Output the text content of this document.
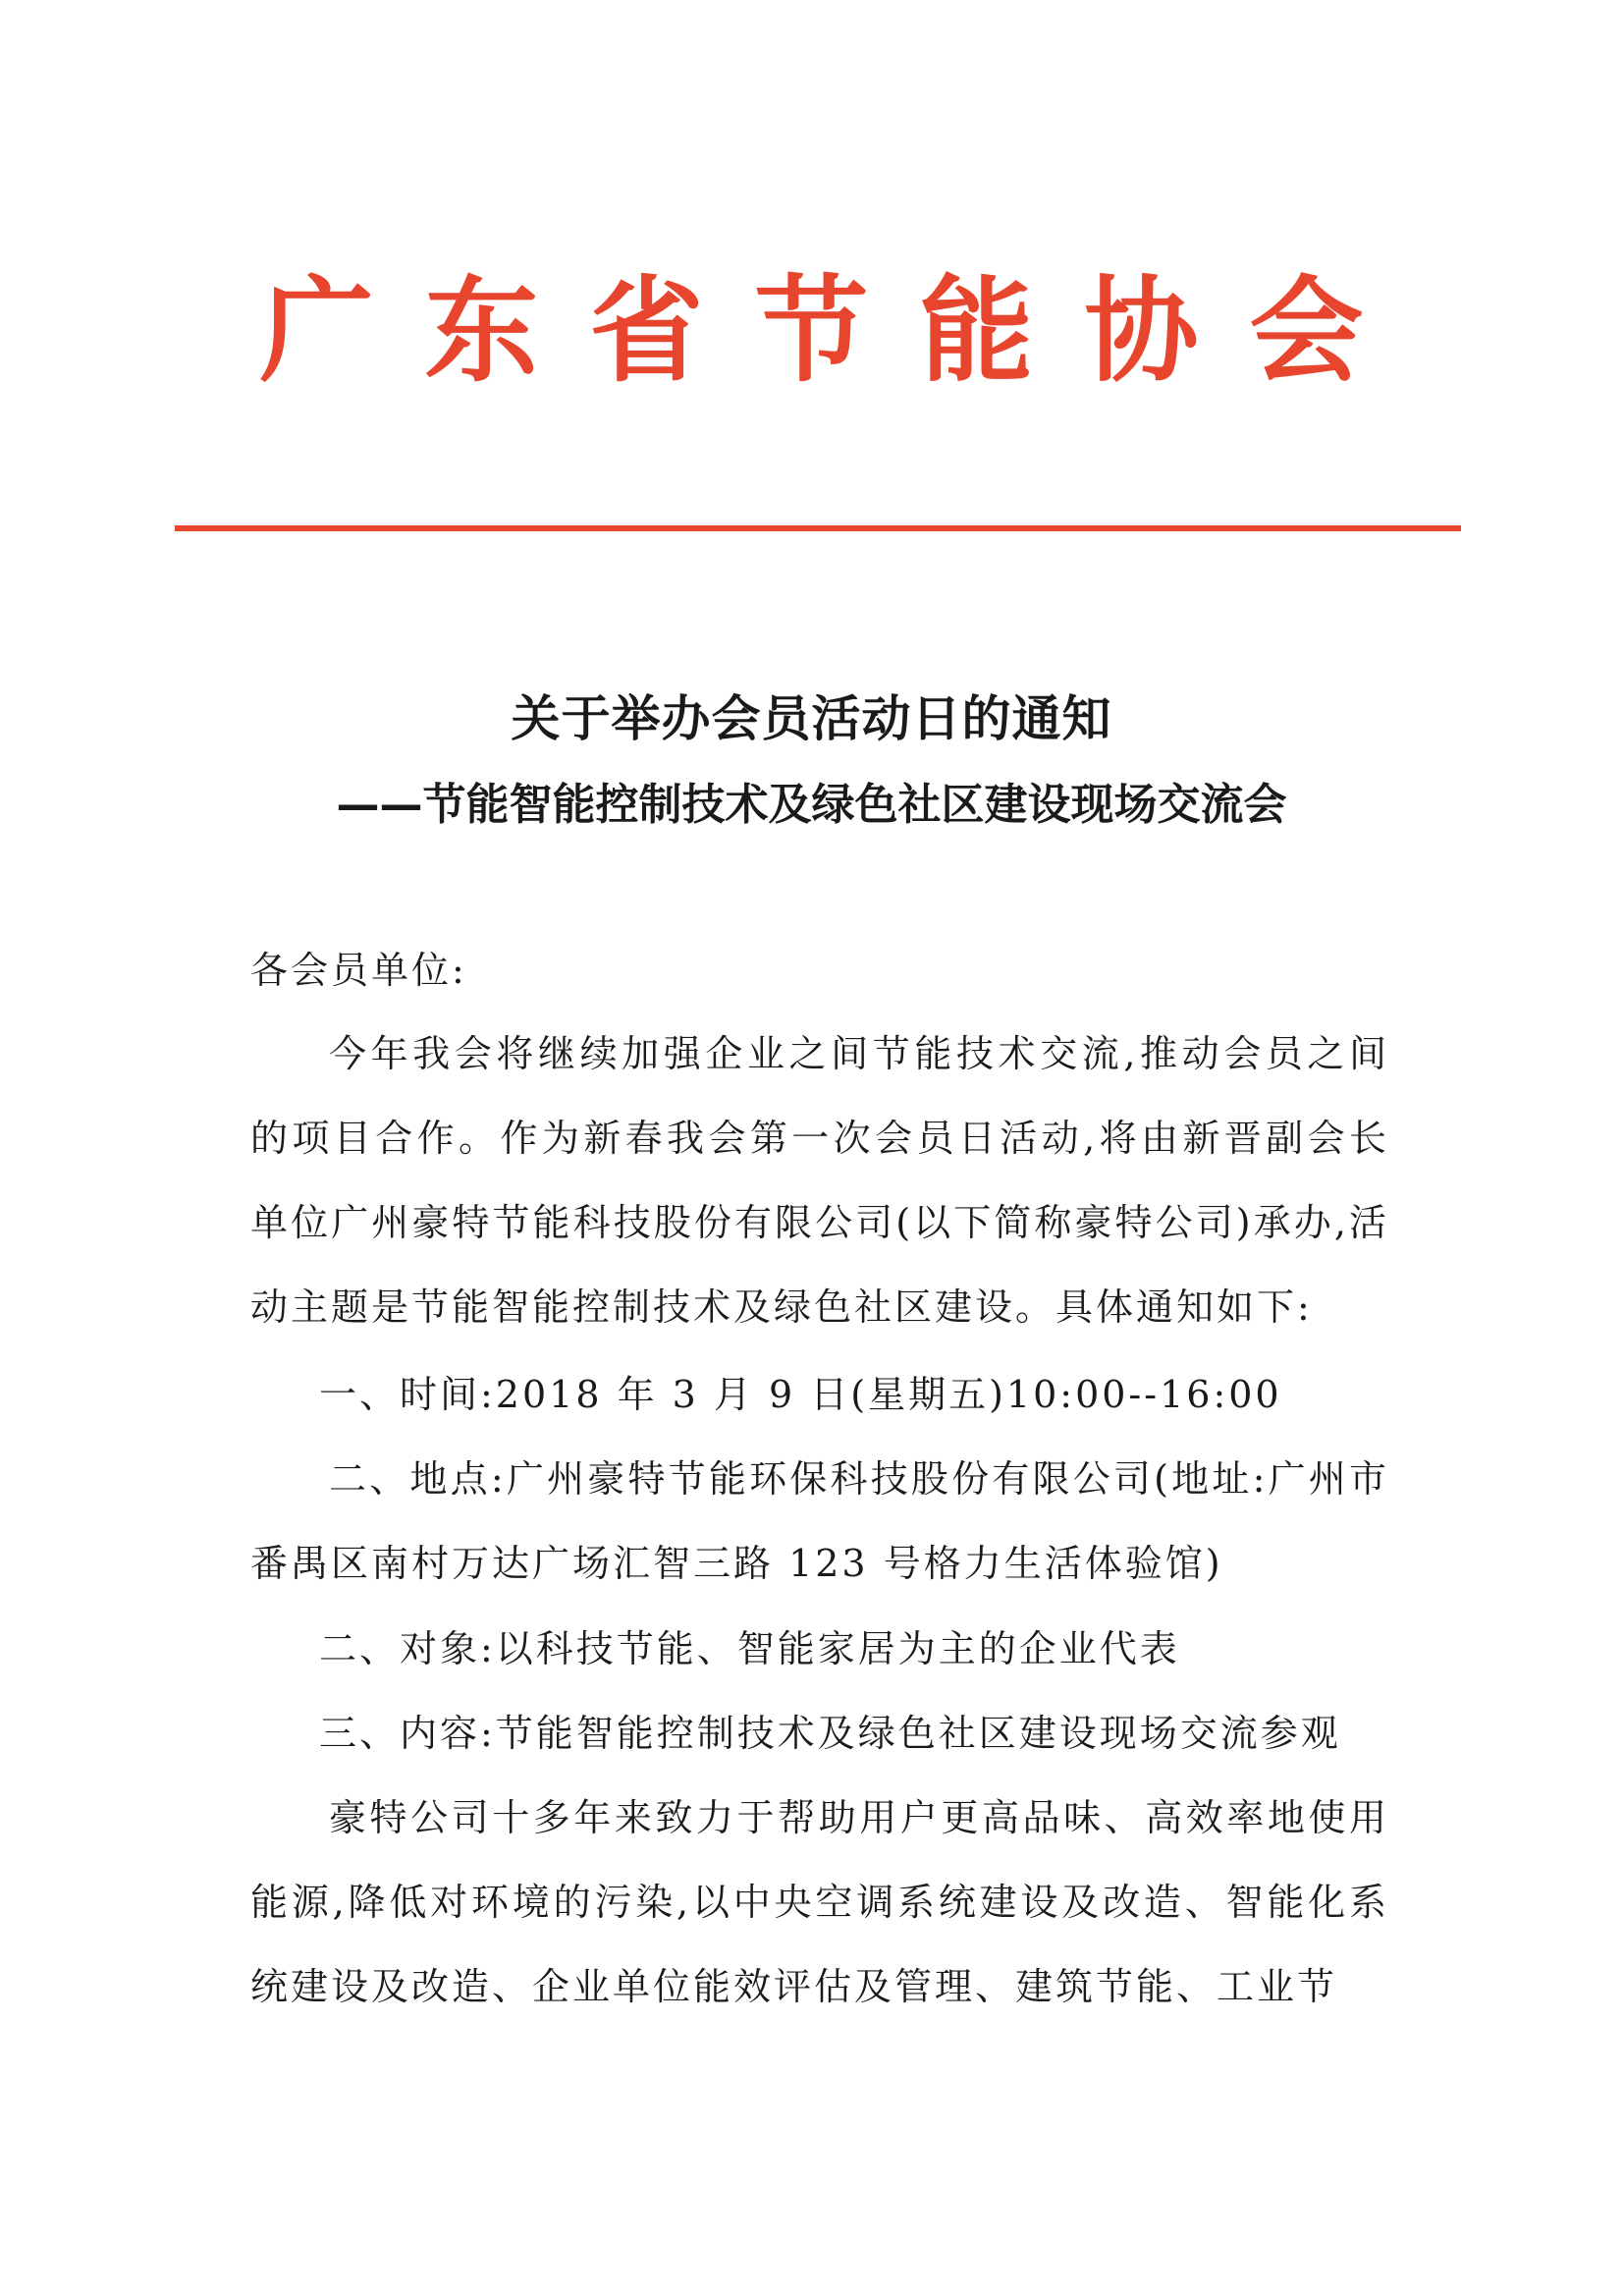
广东省节能协会
关于举办会员活动日的通知
——节能智能控制技术及绿色社区建设现场交流会
各会员单位:
今年我会将继续加强企业之间节能技术交流,推动会员之间的项目合作。作为新春我会第一次会员日活动,将由新晋副会长单位广州豪特节能科技股份有限公司(以下简称豪特公司)承办,活动主题是节能智能控制技术及绿色社区建设。具体通知如下:
一、时间:2018 年 3 月 9 日(星期五)10:00--16:00
二、地点:广州豪特节能环保科技股份有限公司(地址:广州市番禺区南村万达广场汇智三路 123 号格力生活体验馆)
二、对象:以科技节能、智能家居为主的企业代表
三、内容:节能智能控制技术及绿色社区建设现场交流参观
豪特公司十多年来致力于帮助用户更高品味、高效率地使用能源,降低对环境的污染,以中央空调系统建设及改造、智能化系统建设及改造、企业单位能效评估及管理、建筑节能、工业节
